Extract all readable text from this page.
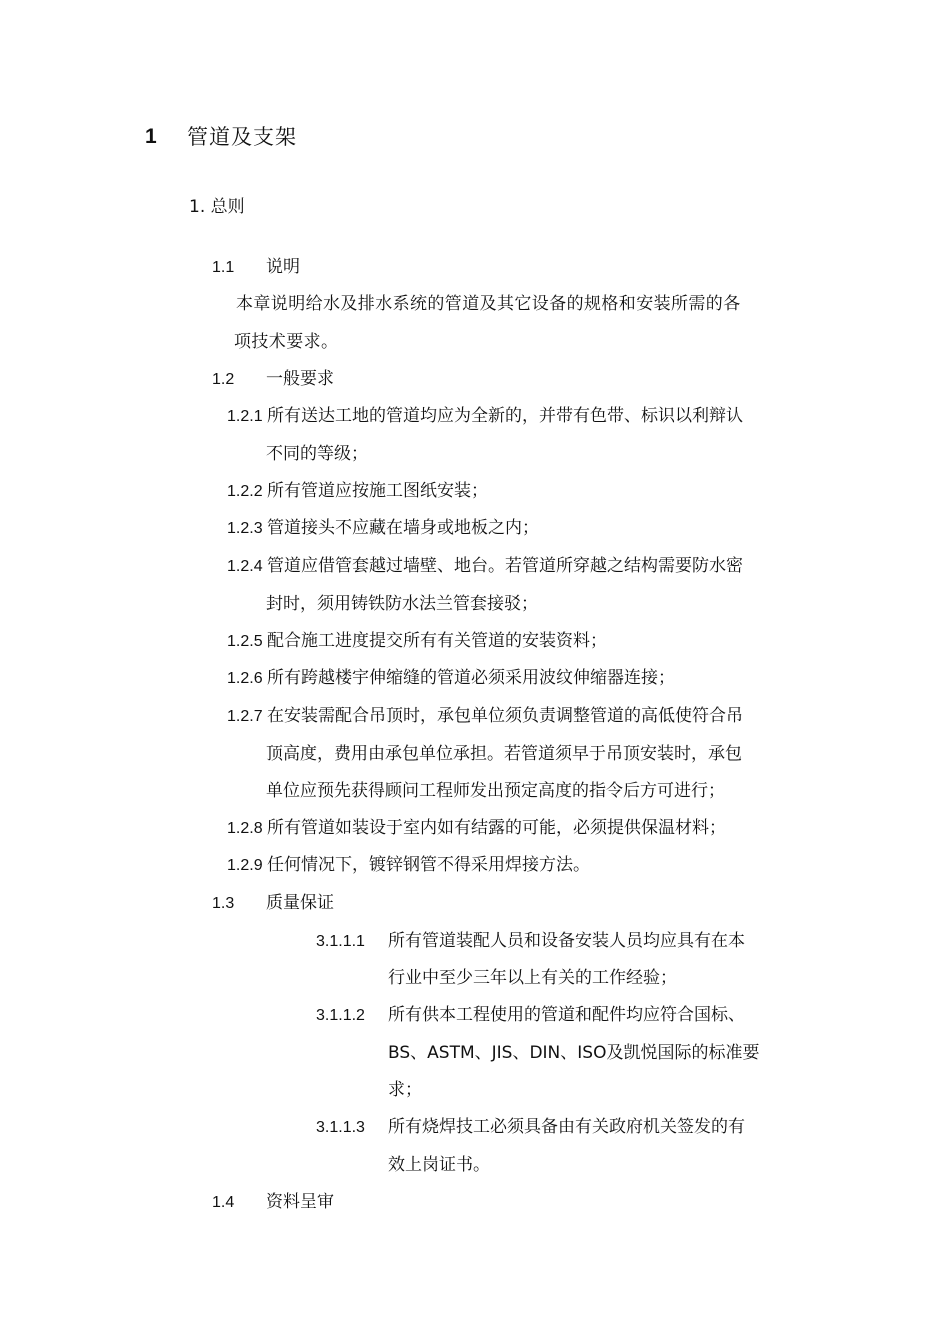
1 管道及支架
1. 总则
1.1 说明
本章说明给水及排水系统的管道及其它设备的规格和安装所需的各
项技术要求。
1.2 一般要求
1.2.1 所有送达工地的管道均应为全新的，并带有色带、标识以利辩认
不同的等级；
1.2.2 所有管道应按施工图纸安装；
1.2.3 管道接头不应藏在墙身或地板之内；
1.2.4 管道应借管套越过墙壁、地台。若管道所穿越之结构需要防水密
封时，须用铸铁防水法兰管套接驳；
1.2.5 配合施工进度提交所有有关管道的安装资料；
1.2.6 所有跨越楼宇伸缩缝的管道必须采用波纹伸缩器连接；
1.2.7 在安装需配合吊顶时，承包单位须负责调整管道的高低使符合吊
顶高度，费用由承包单位承担。若管道须早于吊顶安装时，承包
单位应预先获得顾问工程师发出预定高度的指令后方可进行；
1.2.8 所有管道如装设于室内如有结露的可能，必须提供保温材料；
1.2.9 任何情况下，镀锌钢管不得采用焊接方法。
1.3 质量保证
3.1.1.1 所有管道装配人员和设备安装人员均应具有在本
行业中至少三年以上有关的工作经验；
3.1.1.2 所有供本工程使用的管道和配件均应符合国标、
BS、ASTM、JIS、DIN、ISO及凯悦国际的标准要
求；
3.1.1.3 所有烧焊技工必须具备由有关政府机关签发的有
效上岗证书。
1.4 资料呈审
